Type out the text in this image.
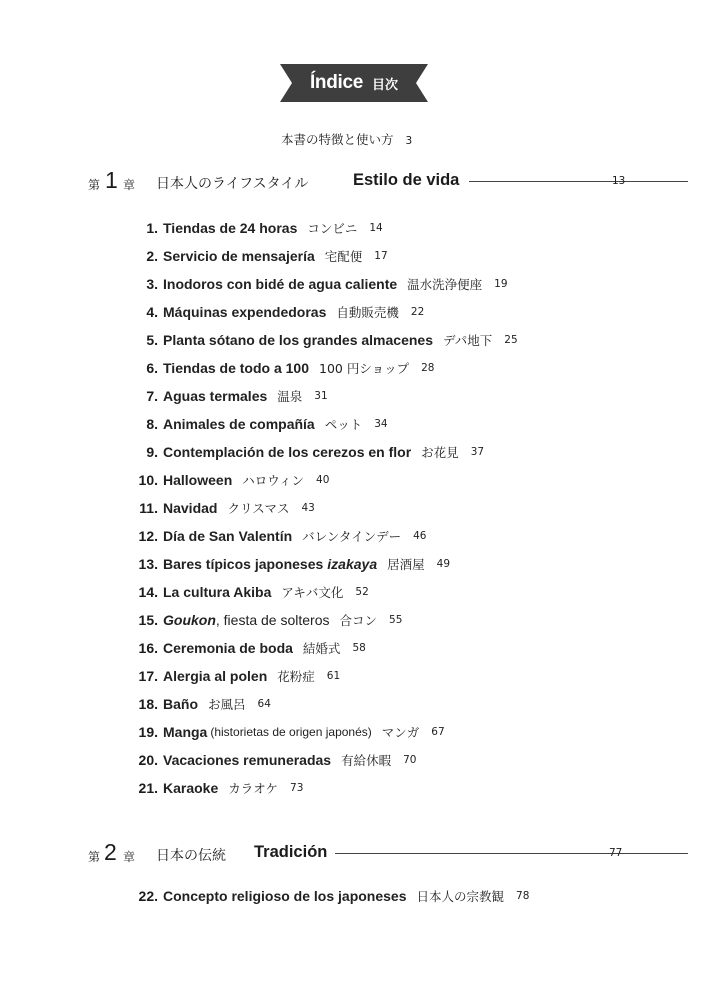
Índice 目次
本書の特徴と使い方 3
第 1 章 日本人のライフスタイル	Estilo de vida	13
1. Tiendas de 24 horas コンビニ 14
2. Servicio de mensajería 宅配便 17
3. Inodoros con bidé de agua caliente 温水洗浄便座 19
4. Máquinas expendedoras 自動販売機 22
5. Planta sótano de los grandes almacenes デパ地下 25
6. Tiendas de todo a 100 100 円ショップ 28
7. Aguas termales 温泉 31
8. Animales de compañía ペット 34
9. Contemplación de los cerezos en flor お花見 37
10. Halloween ハロウィン 40
11. Navidad クリスマス 43
12. Día de San Valentín バレンタインデー 46
13. Bares típicos japoneses izakaya 居酒屋 49
14. La cultura Akiba アキバ文化 52
15. Goukon , fiesta de solteros 合コン 55
16. Ceremonia de boda 結婚式 58
17. Alergia al polen 花粉症 61
18. Baño お風呂 64
19. Manga (historietas de origen japonés) マンガ 67
20. Vacaciones remuneradas 有給休暇 70
21. Karaoke カラオケ 73
第 2 章 日本の伝統 Tradición	77
22. Concepto religioso de los japoneses 日本人の宗教観 78
